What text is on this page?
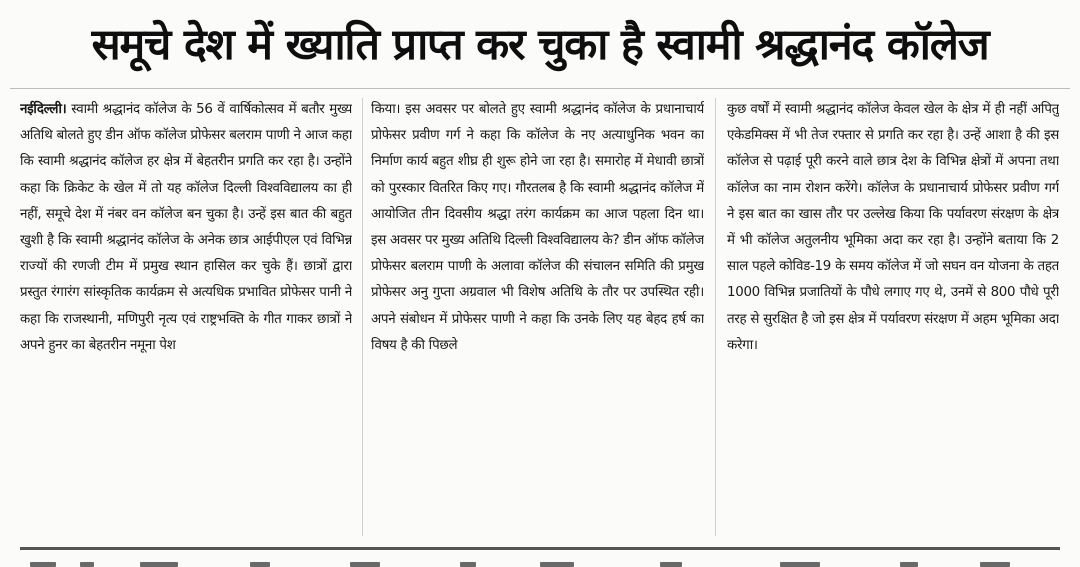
समूचे देश में ख्याति प्राप्त कर चुका है स्वामी श्रद्धानंद कॉलेज
नईदिल्ली। स्वामी श्रद्धानंद कॉलेज के 56 वें वार्षिकोत्सव में बतौर मुख्य अतिथि बोलते हुए डीन ऑफ कॉलेज प्रोफेसर बलराम पाणी ने आज कहा कि स्वामी श्रद्धानंद कॉलेज हर क्षेत्र में बेहतरीन प्रगति कर रहा है। उन्होंने कहा कि क्रिकेट के खेल में तो यह कॉलेज दिल्ली विश्वविद्यालय का ही नहीं, समूचे देश में नंबर वन कॉलेज बन चुका है। उन्हें इस बात की बहुत खुशी है कि स्वामी श्रद्धानंद कॉलेज के अनेक छात्र आईपीएल एवं विभिन्न राज्यों की रणजी टीम में प्रमुख स्थान हासिल कर चुके हैं। छात्रों द्वारा प्रस्तुत रंगारंग सांस्कृतिक कार्यक्रम से अत्यधिक प्रभावित प्रोफेसर पानी ने कहा कि राजस्थानी, मणिपुरी नृत्य एवं राष्ट्रभक्ति के गीत गाकर छात्रों ने अपने हुनर का बेहतरीन नमूना पेश
किया। इस अवसर पर बोलते हुए स्वामी श्रद्धानंद कॉलेज के प्रधानाचार्य प्रोफेसर प्रवीण गर्ग ने कहा कि कॉलेज के नए अत्याधुनिक भवन का निर्माण कार्य बहुत शीघ्र ही शुरू होने जा रहा है। समारोह में मेधावी छात्रों को पुरस्कार वितरित किए गए। गौरतलब है कि स्वामी श्रद्धानंद कॉलेज में आयोजित तीन दिवसीय श्रद्धा तरंग कार्यक्रम का आज पहला दिन था। इस अवसर पर मुख्य अतिथि दिल्ली विश्वविद्यालय के? डीन ऑफ कॉलेज प्रोफेसर बलराम पाणी के अलावा कॉलेज की संचालन समिति की प्रमुख प्रोफेसर अनु गुप्ता अग्रवाल भी विशेष अतिथि के तौर पर उपस्थित रही। अपने संबोधन में प्रोफेसर पाणी ने कहा कि उनके लिए यह बेहद हर्ष का विषय है की पिछले
कुछ वर्षों में स्वामी श्रद्धानंद कॉलेज केवल खेल के क्षेत्र में ही नहीं अपितु एकेडमिक्स में भी तेज रफ्तार से प्रगति कर रहा है। उन्हें आशा है की इस कॉलेज से पढ़ाई पूरी करने वाले छात्र देश के विभिन्न क्षेत्रों में अपना तथा कॉलेज का नाम रोशन करेंगे। कॉलेज के प्रधानाचार्य प्रोफेसर प्रवीण गर्ग ने इस बात का खास तौर पर उल्लेख किया कि पर्यावरण संरक्षण के क्षेत्र में भी कॉलेज अतुलनीय भूमिका अदा कर रहा है। उन्होंने बताया कि 2 साल पहले कोविड-19 के समय कॉलेज में जो सघन वन योजना के तहत 1000 विभिन्न प्रजातियों के पौधे लगाए गए थे, उनमें से 800 पौधे पूरी तरह से सुरक्षित है जो इस क्षेत्र में पर्यावरण संरक्षण में अहम भूमिका अदा करेगा।
